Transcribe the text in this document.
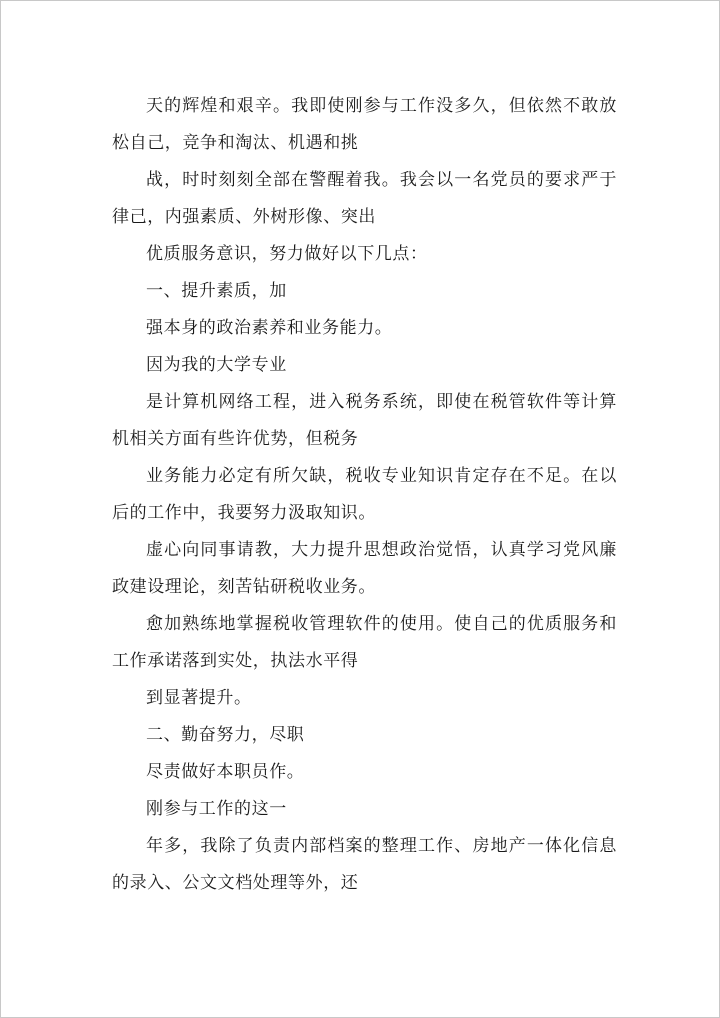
天的辉煌和艰辛。我即使刚参与工作没多久，但依然不敢放松自己，竞争和淘汰、机遇和挑

战，时时刻刻全部在警醒着我。我会以一名党员的要求严于律己，内强素质、外树形像、突出

优质服务意识，努力做好以下几点：

一、提升素质，加

强本身的政治素养和业务能力。

因为我的大学专业

是计算机网络工程，进入税务系统，即使在税管软件等计算机相关方面有些许优势，但税务

业务能力必定有所欠缺，税收专业知识肯定存在不足。在以后的工作中，我要努力汲取知识。

虚心向同事请教，大力提升思想政治觉悟，认真学习党风廉政建设理论，刻苦钻研税收业务。

愈加熟练地掌握税收管理软件的使用。使自己的优质服务和工作承诺落到实处，执法水平得

到显著提升。

二、勤奋努力，尽职

尽责做好本职员作。

刚参与工作的这一

年多，我除了负责内部档案的整理工作、房地产一体化信息的录入、公文文档处理等外，还
